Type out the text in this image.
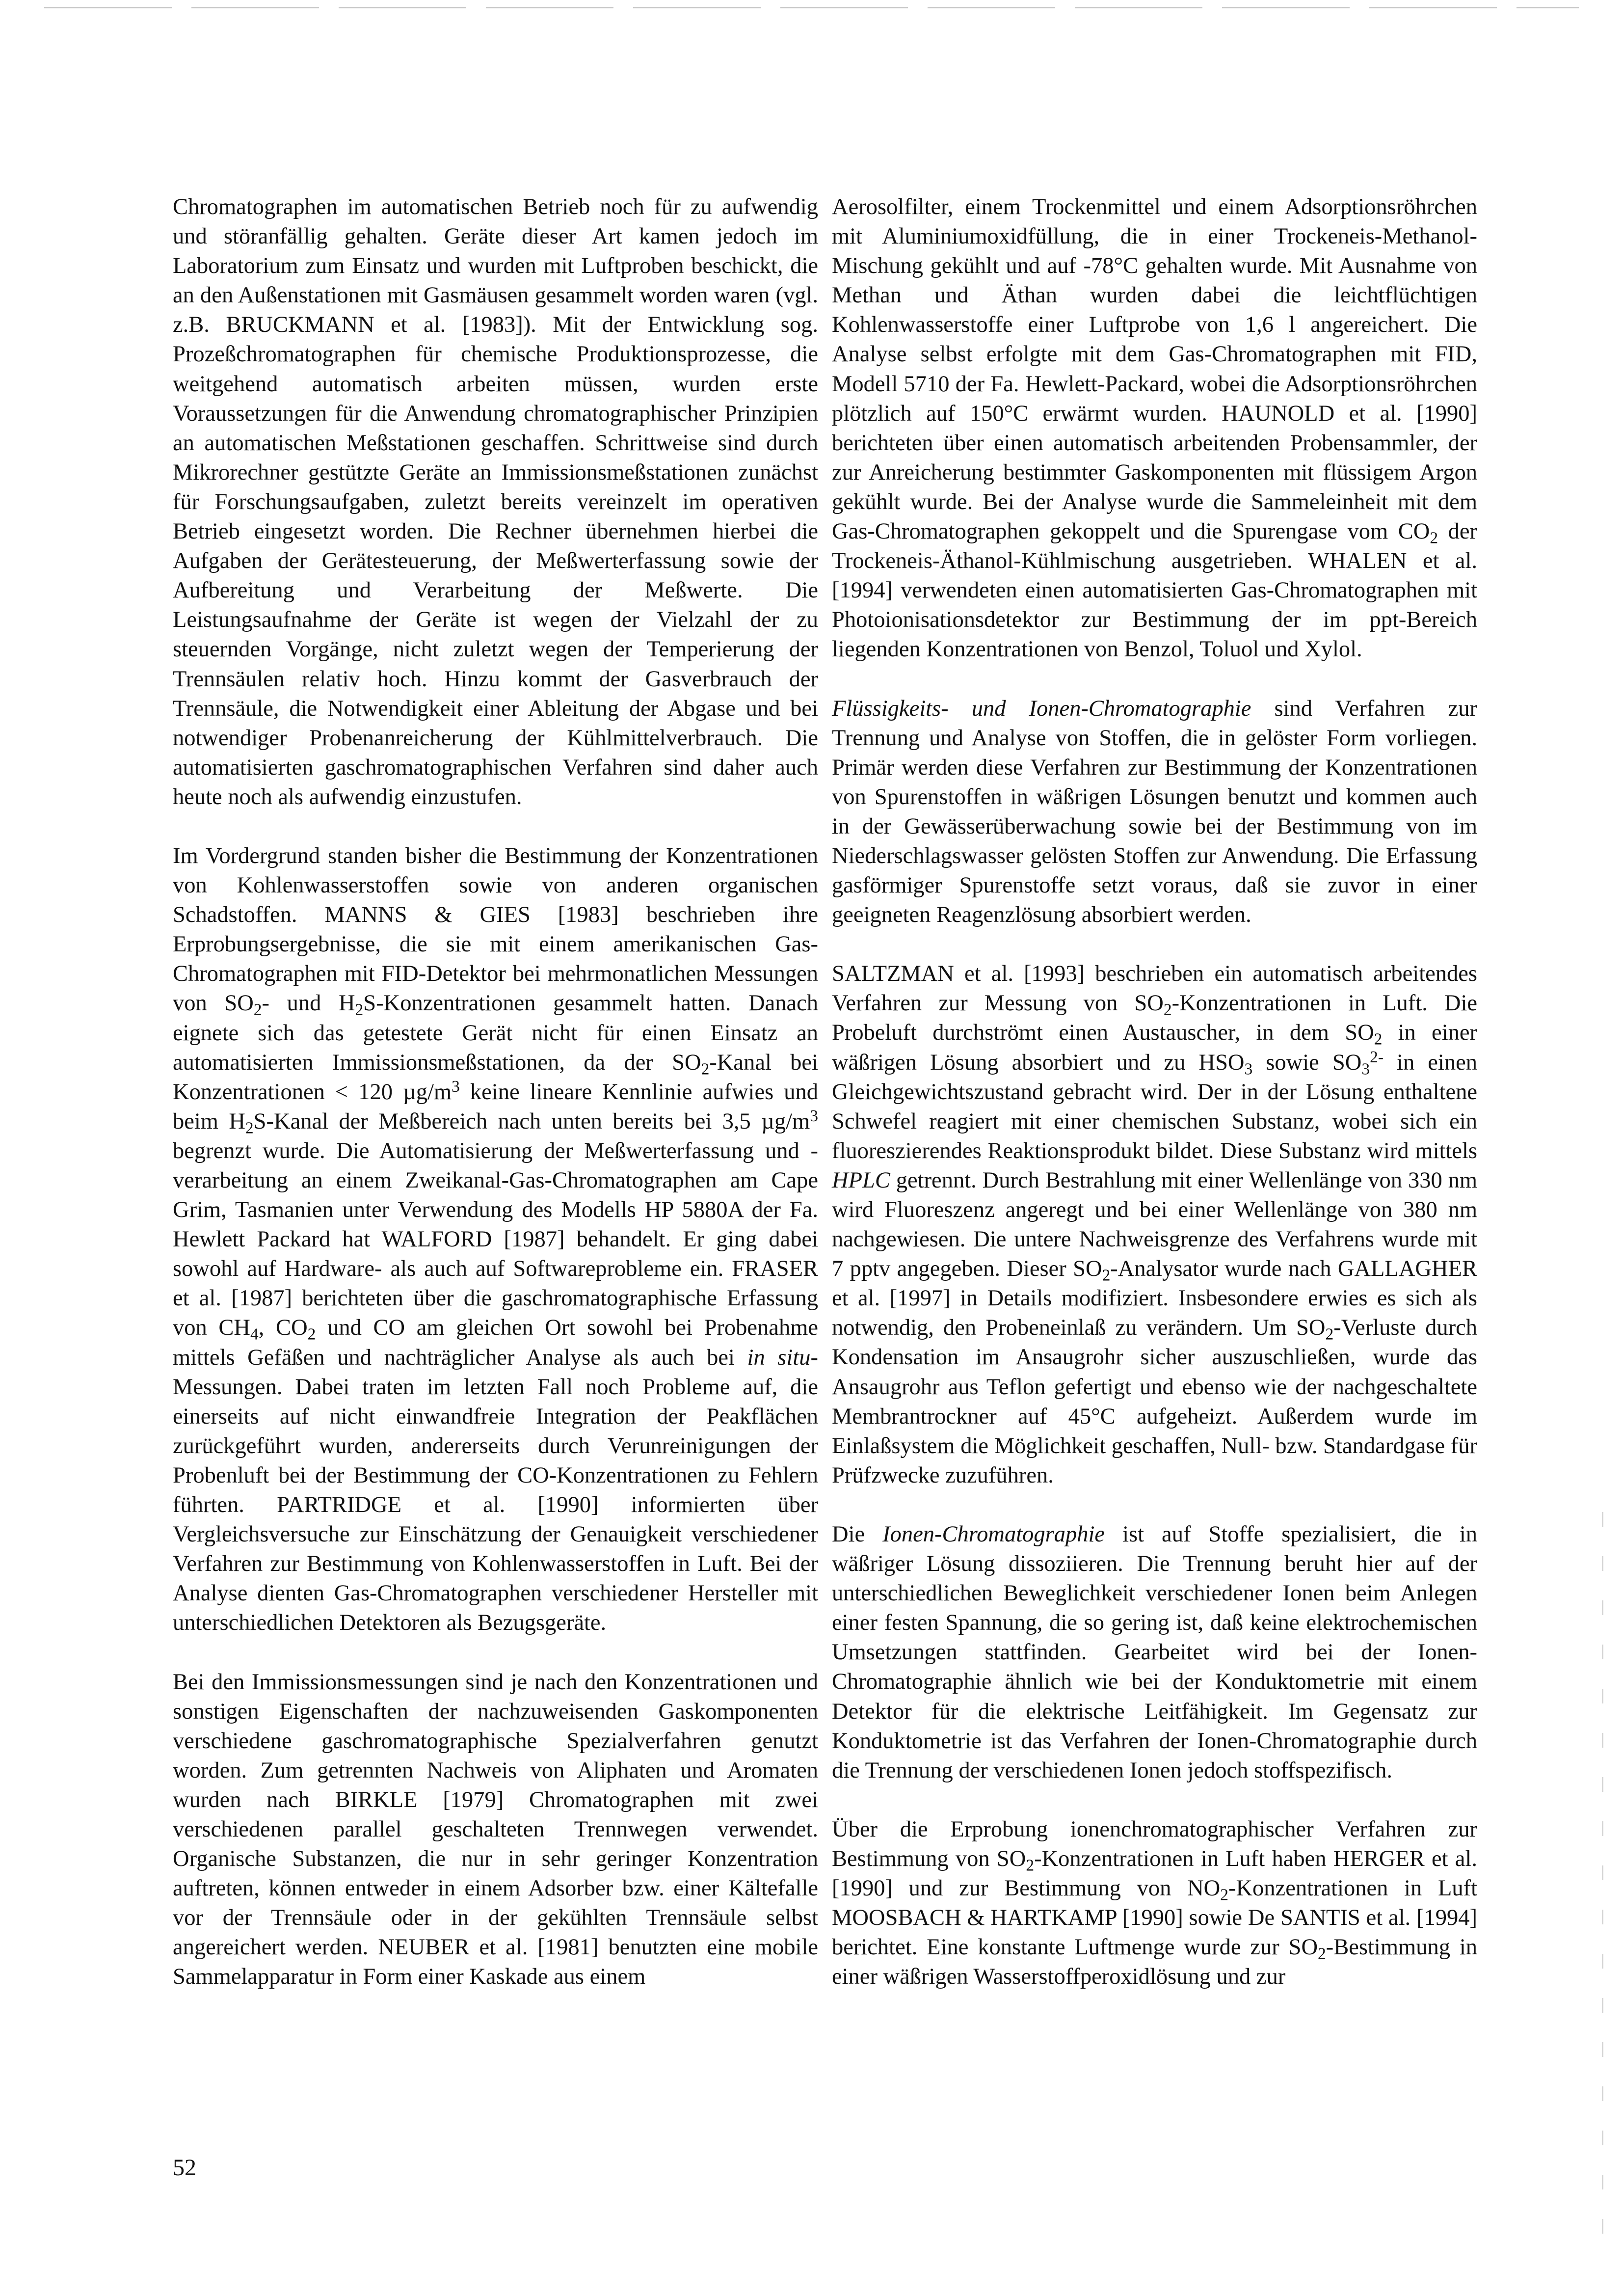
Chromatographen im automatischen Betrieb noch für zu aufwendig und störanfällig gehalten. Geräte dieser Art kamen jedoch im Laboratorium zum Einsatz und wurden mit Luftproben beschickt, die an den Außenstationen mit Gasmäusen gesammelt worden waren (vgl. z.B. BRUCKMANN et al. [1983]). Mit der Entwicklung sog. Prozeßchromatographen für chemische Produktionsprozesse, die weitgehend automatisch arbeiten müssen, wurden erste Voraussetzungen für die Anwendung chromatographischer Prinzipien an automatischen Meßstationen geschaffen. Schrittweise sind durch Mikrorechner gestützte Geräte an Immissionsmeßstationen zunächst für Forschungsaufgaben, zuletzt bereits vereinzelt im operativen Betrieb eingesetzt worden. Die Rechner übernehmen hierbei die Aufgaben der Gerätesteuerung, der Meßwerterfassung sowie der Aufbereitung und Verarbeitung der Meßwerte. Die Leistungsaufnahme der Geräte ist wegen der Vielzahl der zu steuernden Vorgänge, nicht zuletzt wegen der Temperierung der Trennsäulen relativ hoch. Hinzu kommt der Gasverbrauch der Trennsäule, die Notwendigkeit einer Ableitung der Abgase und bei notwendiger Probenanreicherung der Kühlmittelverbrauch. Die automatisierten gaschromatographischen Verfahren sind daher auch heute noch als aufwendig einzustufen.

Im Vordergrund standen bisher die Bestimmung der Konzentrationen von Kohlenwasserstoffen sowie von anderen organischen Schadstoffen. MANNS & GIES [1983] beschrieben ihre Erprobungsergebnisse, die sie mit einem amerikanischen Gas-Chromatographen mit FID-Detektor bei mehrmonatlichen Messungen von $SO_2-$ und $H_2S$-Konzentrationen gesammelt hatten. Danach eignete sich das getestete Gerät nicht für einen Einsatz an automatisierten Immissionsmeßstationen, da der $SO_2$-Kanal bei Konzentrationen < 120 $\mu g/m^3$ keine lineare Kennlinie aufwies und beim $H_2S$-Kanal der Meßbereich nach unten bereits bei 3,5 $\mu g/m^3$ begrenzt wurde. Die Automatisierung der Meßwerterfassung und -verarbeitung an einem Zweikanal-Gas-Chromatographen am Cape Grim, Tasmanien unter Verwendung des Modells HP 5880A der Fa. Hewlett Packard hat WALFORD [1987] behandelt. Er ging dabei sowohl auf Hardware- als auch auf Softwareprobleme ein. FRASER et al. [1987] berichteten über die gaschromatographische Erfassung von $CH_4$, $CO_2$ und CO am gleichen Ort sowohl bei Probenahme mittels Gefäßen und nachträglicher Analyse als auch bei in situ-Messungen. Dabei traten im letzten Fall noch Probleme auf, die einerseits auf nicht einwandfreie Integration der Peakflächen zurückgeführt wurden, andererseits durch Verunreinigungen der Probenluft bei der Bestimmung der CO-Konzentrationen zu Fehlern führten. PARTRIDGE et al. [1990] informierten über Vergleichsversuche zur Einschätzung der Genauigkeit verschiedener Verfahren zur Bestimmung von Kohlenwasserstoffen in Luft. Bei der Analyse dienten Gas-Chromatographen verschiedener Hersteller mit unterschiedlichen Detektoren als Bezugsgeräte.

Bei den Immissionsmessungen sind je nach den Konzentrationen und sonstigen Eigenschaften der nachzuweisenden Gaskomponenten verschiedene gaschromatographische Spezialverfahren genutzt worden. Zum getrennten Nachweis von Aliphaten und Aromaten wurden nach BIRKLE [1979] Chromatographen mit zwei verschiedenen parallel geschalteten Trennwegen verwendet. Organische Substanzen, die nur in sehr geringer Konzentration auftreten, können entweder in einem Adsorber bzw. einer Kältefalle vor der Trennsäule oder in der gekühlten Trennsäule selbst angereichert werden. NEUBER et al. [1981] benutzten eine mobile Sammelapparatur in Form einer Kaskade aus einem

Aerosolfilter, einem Trockenmittel und einem Adsorptionsröhrchen mit Aluminiumoxidfüllung, die in einer Trockeneis-Methanol-Mischung gekühlt und auf -78°C gehalten wurde. Mit Ausnahme von Methan und Äthan wurden dabei die leichtflüchtigen Kohlenwasserstoffe einer Luftprobe von 1,6 l angereichert. Die Analyse selbst erfolgte mit dem Gas-Chromatographen mit FID, Modell 5710 der Fa. Hewlett-Packard, wobei die Adsorptionsröhrchen plötzlich auf 150°C erwärmt wurden. HAUNOLD et al. [1990] berichteten über einen automatisch arbeitenden Probensammler, der zur Anreicherung bestimmter Gaskomponenten mit flüssigem Argon gekühlt wurde. Bei der Analyse wurde die Sammeleinheit mit dem Gas-Chromatographen gekoppelt und die Spurengase vom $CO_2$ der Trockeneis-Äthanol-Kühlmischung ausgetrieben. WHALEN et al. [1994] verwendeten einen automatisierten Gas-Chromatographen mit Photoionisationsdetektor zur Bestimmung der im ppt-Bereich liegenden Konzentrationen von Benzol, Toluol und Xylol.

Flüssigkeits- und Ionen-Chromatographie sind Verfahren zur Trennung und Analyse von Stoffen, die in gelöster Form vorliegen. Primär werden diese Verfahren zur Bestimmung der Konzentrationen von Spurenstoffen in wäßrigen Lösungen benutzt und kommen auch in der Gewässerüberwachung sowie bei der Bestimmung von im Niederschlagswasser gelösten Stoffen zur Anwendung. Die Erfassung gasförmiger Spurenstoffe setzt voraus, daß sie zuvor in einer geeigneten Reagenzlösung absorbiert werden.

SALTZMAN et al. [1993] beschrieben ein automatisch arbeitendes Verfahren zur Messung von $SO_2$-Konzentrationen in Luft. Die Probeluft durchströmt einen Austauscher, in dem $SO_2$ in einer wäßrigen Lösung absorbiert und zu $HSO_3$ sowie $SO_3^{2-}$ in einen Gleichgewichtszustand gebracht wird. Der in der Lösung enthaltene Schwefel reagiert mit einer chemischen Substanz, wobei sich ein fluoreszierendes Reaktionsprodukt bildet. Diese Substanz wird mittels HPLC getrennt. Durch Bestrahlung mit einer Wellenlänge von 330 nm wird Fluoreszenz angeregt und bei einer Wellenlänge von 380 nm nachgewiesen. Die untere Nachweisgrenze des Verfahrens wurde mit 7 pptv angegeben. Dieser $SO_2$-Analysator wurde nach GALLAGHER et al. [1997] in Details modifiziert. Insbesondere erwies es sich als notwendig, den Probeneinlaß zu verändern. Um $SO_2$-Verluste durch Kondensation im Ansaugrohr sicher auszuschließen, wurde das Ansaugrohr aus Teflon gefertigt und ebenso wie der nachgeschaltete Membrantrockner auf 45°C aufgeheizt. Außerdem wurde im Einlaßsystem die Möglichkeit geschaffen, Null- bzw. Standardgase für Prüfzwecke zuzuführen.

Die Ionen-Chromatographie ist auf Stoffe spezialisiert, die in wäßriger Lösung dissoziieren. Die Trennung beruht hier auf der unterschiedlichen Beweglichkeit verschiedener Ionen beim Anlegen einer festen Spannung, die so gering ist, daß keine elektrochemischen Umsetzungen stattfinden. Gearbeitet wird bei der Ionen-Chromatographie ähnlich wie bei der Konduktometrie mit einem Detektor für die elektrische Leitfähigkeit. Im Gegensatz zur Konduktometrie ist das Verfahren der Ionen-Chromatographie durch die Trennung der verschiedenen Ionen jedoch stoffspezifisch.

Über die Erprobung ionenchromatographischer Verfahren zur Bestimmung von $SO_2$-Konzentrationen in Luft haben HERGER et al. [1990] und zur Bestimmung von $NO_2$-Konzentrationen in Luft MOOSBACH & HARTKAMP [1990] sowie De SANTIS et al. [1994] berichtet. Eine konstante Luftmenge wurde zur $SO_2$-Bestimmung in einer wäßrigen Wasserstoffperoxidlösung und zur

52
